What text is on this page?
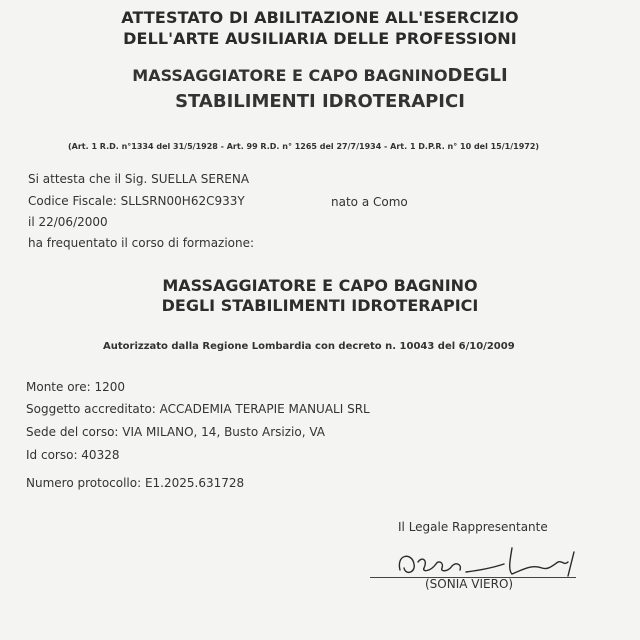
ATTESTATO DI ABILITAZIONE ALL'ESERCIZIO
DELL'ARTE AUSILIARIA DELLE PROFESSIONI
MASSAGGIATORE E CAPO BAGNINODEGLI
STABILIMENTI IDROTERAPICI
(Art. 1 R.D. n°1334 del 31/5/1928 - Art. 99 R.D. n° 1265 del 27/7/1934 - Art. 1 D.P.R. n° 10 del 15/1/1972)
Si attesta che il Sig. SUELLA SERENA
Codice Fiscale: SLLSRN00H62C933Y	nato a Como
il 22/06/2000
ha frequentato il corso di formazione:
MASSAGGIATORE E CAPO BAGNINO
DEGLI STABILIMENTI IDROTERAPICI
Autorizzato dalla Regione Lombardia con decreto n. 10043 del 6/10/2009
Monte ore: 1200
Soggetto accreditato: ACCADEMIA TERAPIE MANUALI SRL
Sede del corso: VIA MILANO, 14, Busto Arsizio, VA
Id corso: 40328
Numero protocollo: E1.2025.631728
Il Legale Rappresentante
(SONIA VIERO)
